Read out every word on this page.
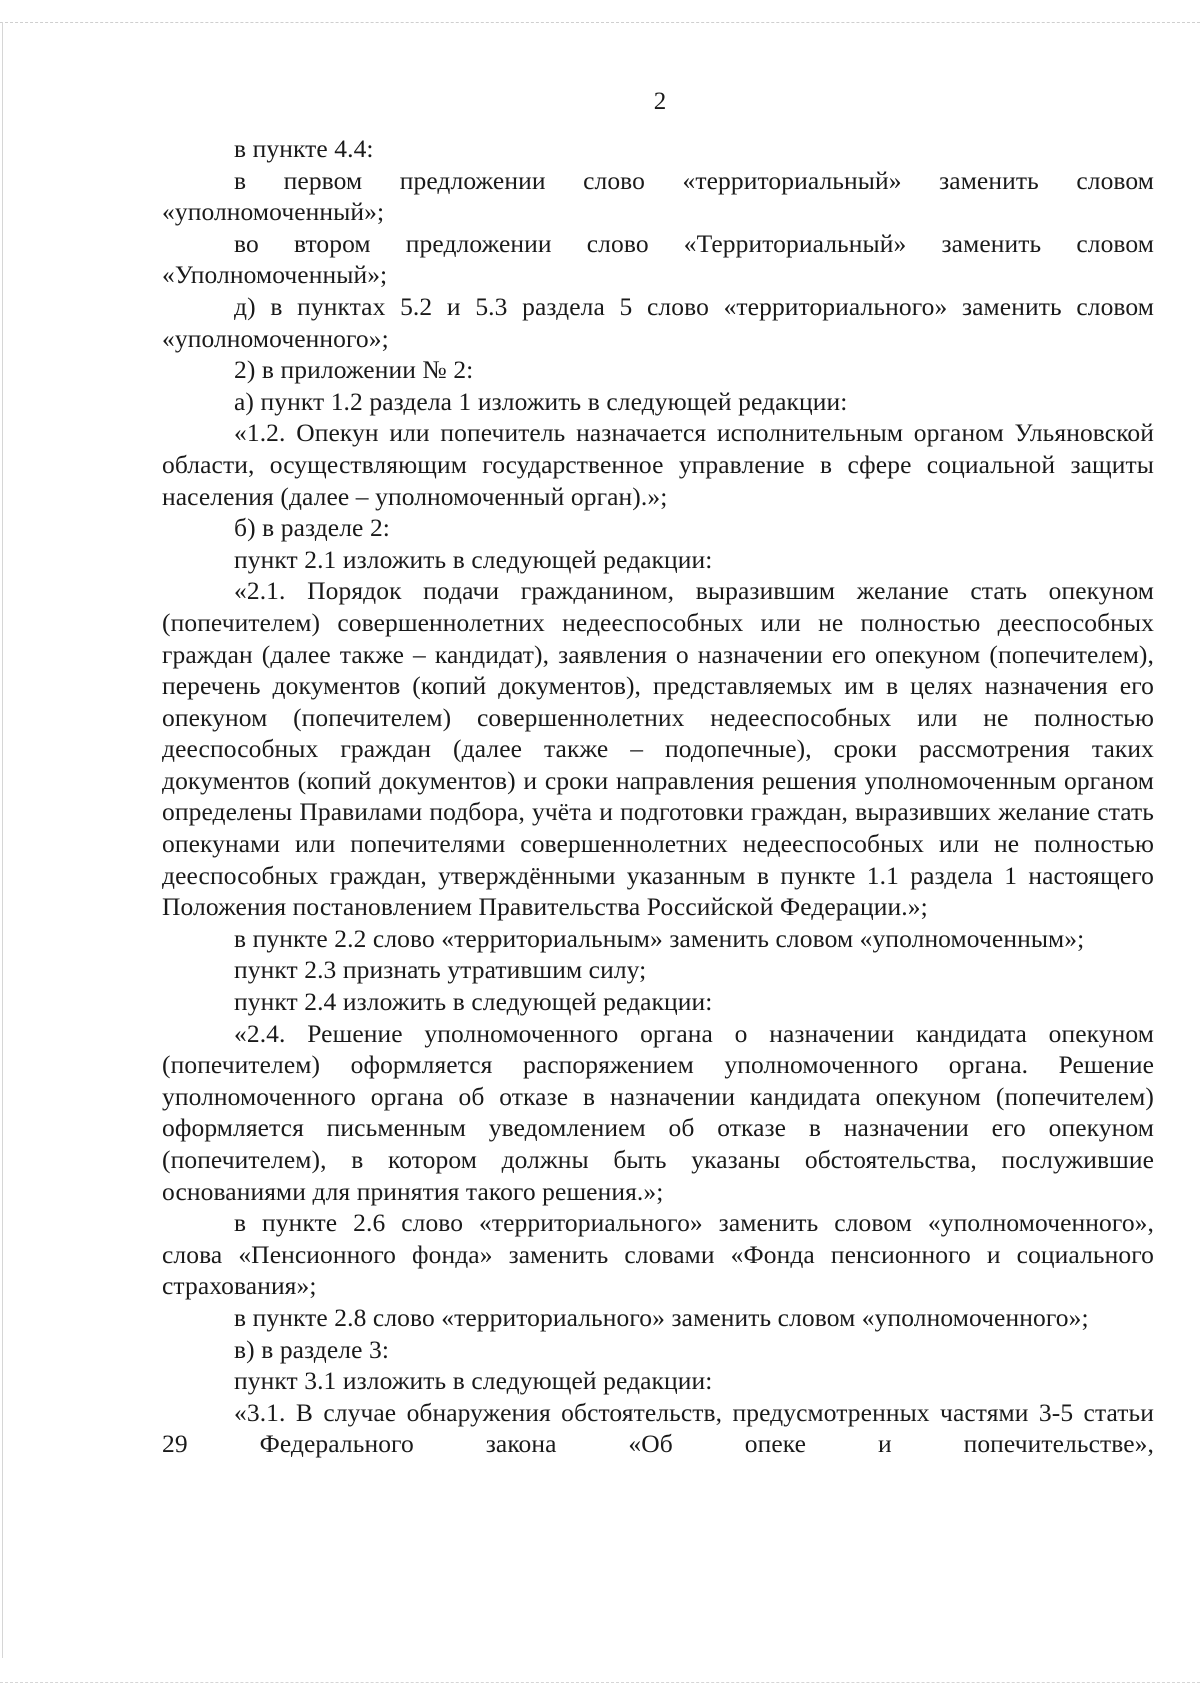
2

в пункте 4.4:

в первом предложении слово «территориальный» заменить словом «уполномоченный»;

во втором предложении слово «Территориальный» заменить словом «Уполномоченный»;

д) в пунктах 5.2 и 5.3 раздела 5 слово «территориального» заменить словом «уполномоченного»;

2) в приложении № 2:

а) пункт 1.2 раздела 1 изложить в следующей редакции:

«1.2. Опекун или попечитель назначается исполнительным органом Ульяновской области, осуществляющим государственное управление в сфере социальной защиты населения (далее – уполномоченный орган).»;

б) в разделе 2:

пункт 2.1 изложить в следующей редакции:

«2.1. Порядок подачи гражданином, выразившим желание стать опекуном (попечителем) совершеннолетних недееспособных или не полностью дееспособных граждан (далее также – кандидат), заявления о назначении его опекуном (попечителем), перечень документов (копий документов), представляемых им в целях назначения его опекуном (попечителем) совершеннолетних недееспособных или не полностью дееспособных граждан (далее также – подопечные), сроки рассмотрения таких документов (копий документов) и сроки направления решения уполномоченным органом определены Правилами подбора, учёта и подготовки граждан, выразивших желание стать опекунами или попечителями совершеннолетних недееспособных или не полностью дееспособных граждан, утверждёнными указанным в пункте 1.1 раздела 1 настоящего Положения постановлением Правительства Российской Федерации.»;

в пункте 2.2 слово «территориальным» заменить словом «уполномоченным»;

пункт 2.3 признать утратившим силу;

пункт 2.4 изложить в следующей редакции:

«2.4. Решение уполномоченного органа о назначении кандидата опекуном (попечителем) оформляется распоряжением уполномоченного органа. Решение уполномоченного органа об отказе в назначении кандидата опекуном (попечителем) оформляется письменным уведомлением об отказе в назначении его опекуном (попечителем), в котором должны быть указаны обстоятельства, послужившие основаниями для принятия такого решения.»;

в пункте 2.6 слово «территориального» заменить словом «уполномоченного», слова «Пенсионного фонда» заменить словами «Фонда пенсионного и социального страхования»;

в пункте 2.8 слово «территориального» заменить словом «уполномоченного»;

в) в разделе 3:

пункт 3.1 изложить в следующей редакции:

«3.1. В случае обнаружения обстоятельств, предусмотренных частями 3-5 статьи 29 Федерального закона «Об опеке и попечительстве»,
